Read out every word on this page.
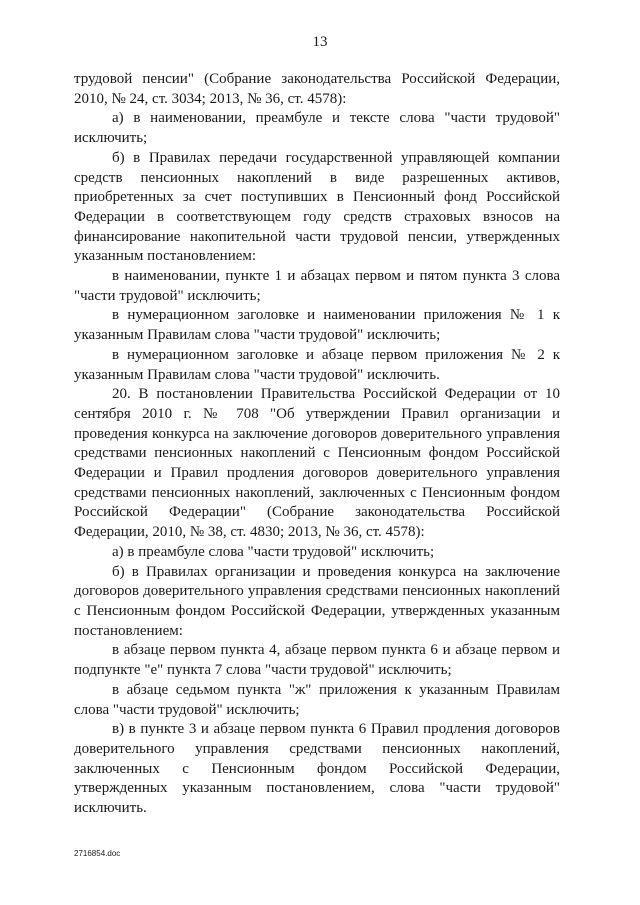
13

трудовой пенсии" (Собрание законодательства Российской Федерации, 2010, № 24, ст. 3034; 2013, № 36, ст. 4578):

а) в наименовании, преамбуле и тексте слова "части трудовой" исключить;

б) в Правилах передачи государственной управляющей компании средств пенсионных накоплений в виде разрешенных активов, приобретенных за счет поступивших в Пенсионный фонд Российской Федерации в соответствующем году средств страховых взносов на финансирование накопительной части трудовой пенсии, утвержденных указанным постановлением:

в наименовании, пункте 1 и абзацах первом и пятом пункта 3 слова "части трудовой" исключить;

в нумерационном заголовке и наименовании приложения № 1 к указанным Правилам слова "части трудовой" исключить;

в нумерационном заголовке и абзаце первом приложения № 2 к указанным Правилам слова "части трудовой" исключить.

20. В постановлении Правительства Российской Федерации от 10 сентября 2010 г. № 708 "Об утверждении Правил организации и проведения конкурса на заключение договоров доверительного управления средствами пенсионных накоплений с Пенсионным фондом Российской Федерации и Правил продления договоров доверительного управления средствами пенсионных накоплений, заключенных с Пенсионным фондом Российской Федерации" (Собрание законодательства Российской Федерации, 2010, № 38, ст. 4830; 2013, № 36, ст. 4578):

а) в преамбуле слова "части трудовой" исключить;

б) в Правилах организации и проведения конкурса на заключение договоров доверительного управления средствами пенсионных накоплений с Пенсионным фондом Российской Федерации, утвержденных указанным постановлением:

в абзаце первом пункта 4, абзаце первом пункта 6 и абзаце первом и подпункте "е" пункта 7 слова "части трудовой" исключить;

в абзаце седьмом пункта "ж" приложения к указанным Правилам слова "части трудовой" исключить;

в) в пункте 3 и абзаце первом пункта 6 Правил продления договоров доверительного управления средствами пенсионных накоплений, заключенных с Пенсионным фондом Российской Федерации, утвержденных указанным постановлением, слова "части трудовой" исключить.

2716854.doc
